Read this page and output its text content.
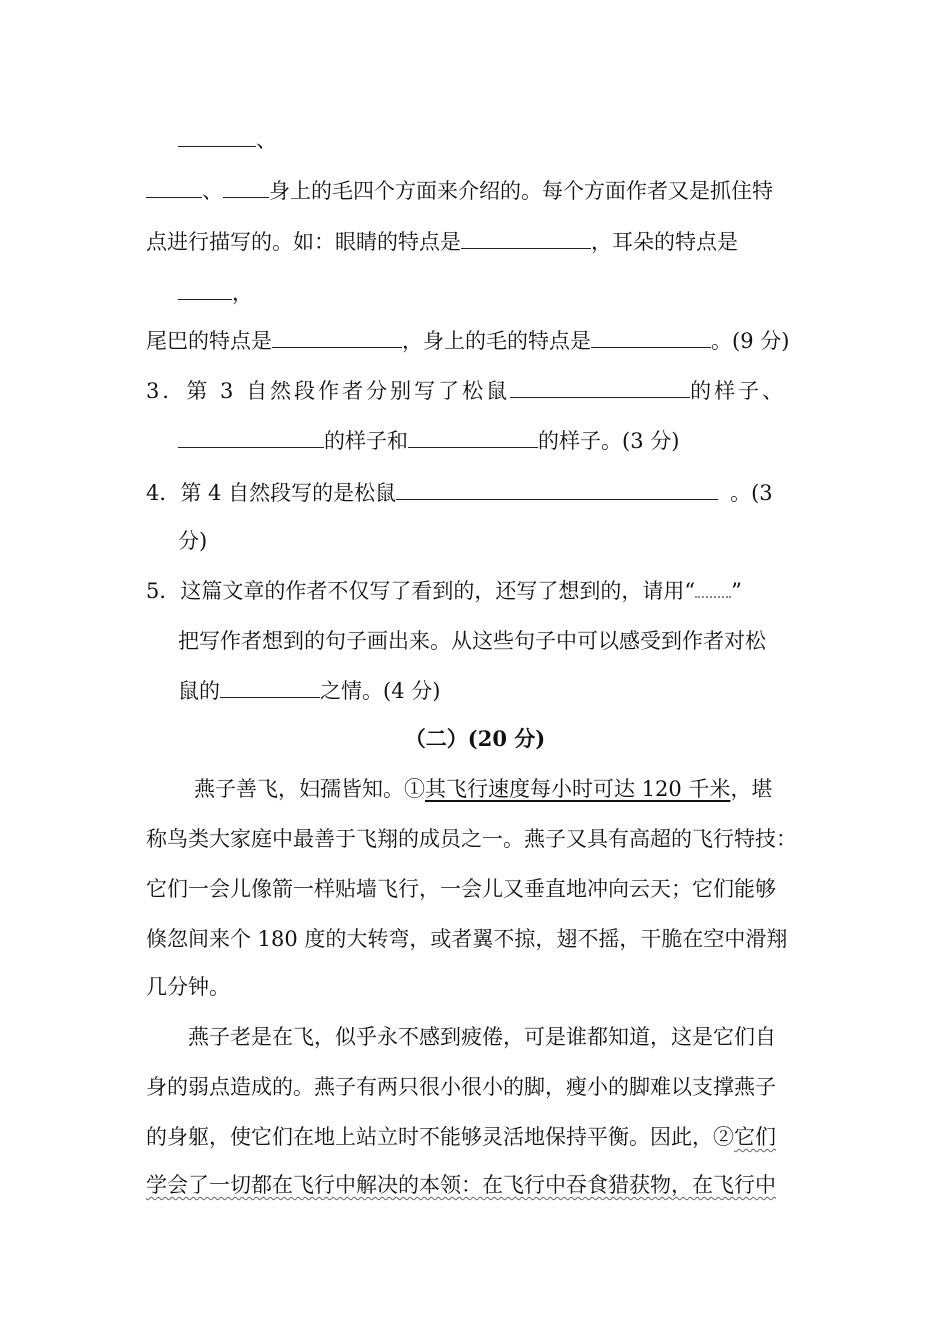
、
、 身上的毛四个方面来介绍的。每个方面作者又是抓住特
点进行描写的。如：眼睛的特点是	，耳朵的特点是
，
尾巴的特点是	，身上的毛的特点是	。(9 分)
3．第 3 自然段作者分别写了松鼠	的样子、
的样子和	的样子。(3 分)
4．第 4 自然段写的是松鼠	。(3
分)
5．这篇文章的作者不仅写了看到的，还写了想到的，请用“ ”
把写作者想到的句子画出来。从这些句子中可以感受到作者对松
鼠的	之情。(4 分)
（二）(20 分)
燕子善飞，妇孺皆知。①其飞行速度每小时可达 120 千米，堪
称鸟类大家庭中最善于飞翔的成员之一。燕子又具有高超的飞行特技：
它们一会儿像箭一样贴墙飞行，一会儿又垂直地冲向云天；它们能够
倏忽间来个 180 度的大转弯，或者翼不掠，翅不摇，干脆在空中滑翔
几分钟。
燕子老是在飞，似乎永不感到疲倦，可是谁都知道，这是它们自
身的弱点造成的。燕子有两只很小很小的脚，瘦小的脚难以支撑燕子
的身躯，使它们在地上站立时不能够灵活地保持平衡。因此，②它们
学会了一切都在飞行中解决的本领：在飞行中吞食猎获物，在飞行中
